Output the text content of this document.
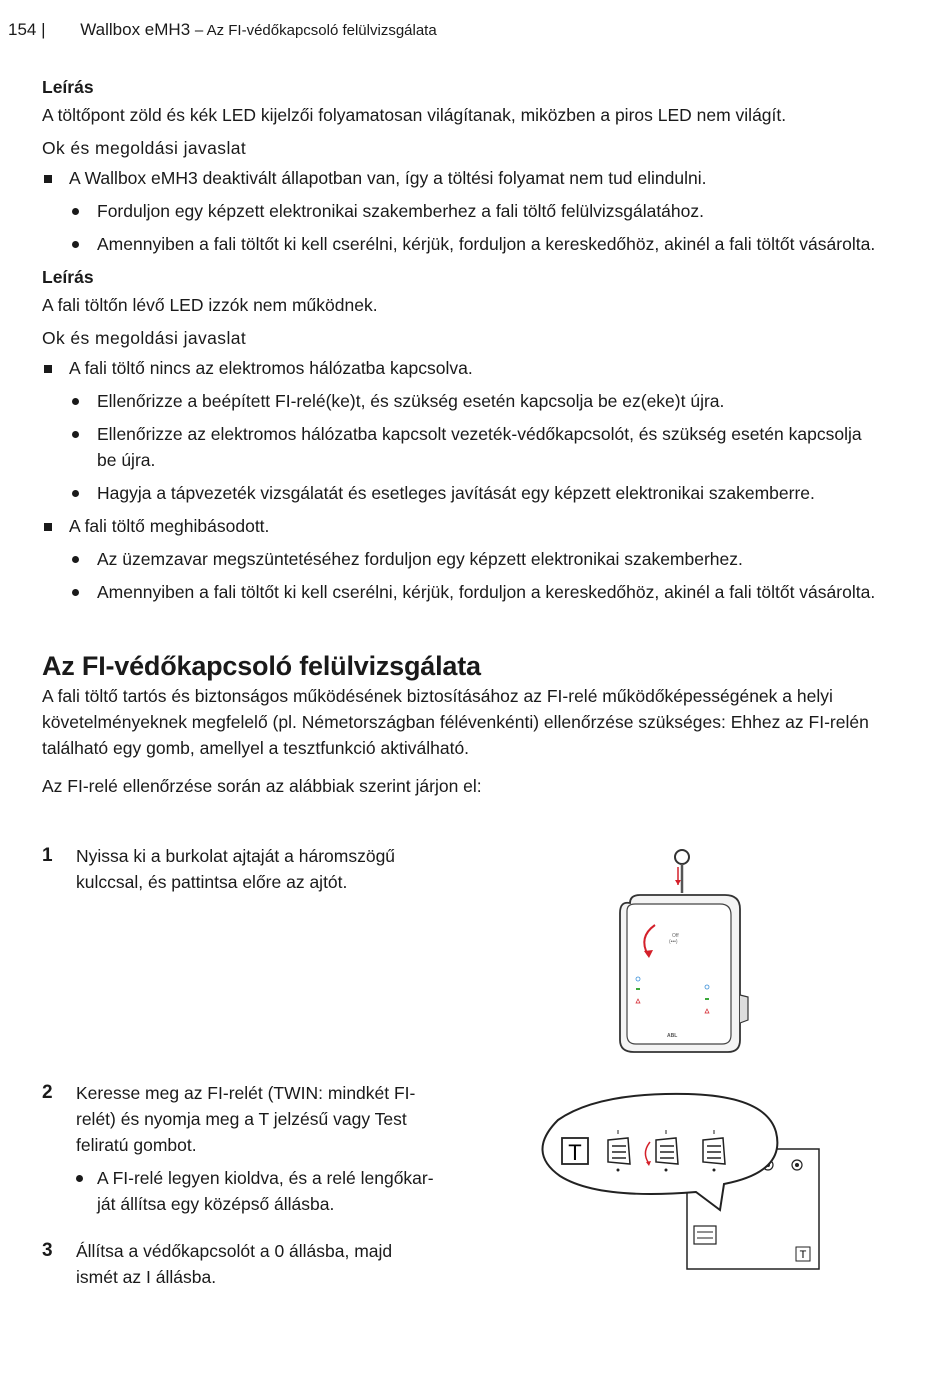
154 | Wallbox eMH3 – Az FI-védőkapcsoló felülvizsgálata
Leírás
A töltőpont zöld és kék LED kijelzői folyamatosan világítanak, miközben a piros LED nem világít.
Ok és megoldási javaslat
A Wallbox eMH3 deaktivált állapotban van, így a töltési folyamat nem tud elindulni.
Forduljon egy képzett elektronikai szakemberhez a fali töltő felülvizsgálatához.
Amennyiben a fali töltőt ki kell cserélni, kérjük, forduljon a kereskedőhöz, akinél a fali töltőt vásárolta.
Leírás
A fali töltőn lévő LED izzók nem működnek.
Ok és megoldási javaslat
A fali töltő nincs az elektromos hálózatba kapcsolva.
Ellenőrizze a beépített FI-relé(ke)t, és szükség esetén kapcsolja be ez(eke)t újra.
Ellenőrizze az elektromos hálózatba kapcsolt vezeték-védőkapcsolót, és szükség esetén kapcsolja be újra.
Hagyja a tápvezeték vizsgálatát és esetleges javítását egy képzett elektronikai szakemberre.
A fali töltő meghibásodott.
Az üzemzavar megszüntetéséhez forduljon egy képzett elektronikai szakemberhez.
Amennyiben a fali töltőt ki kell cserélni, kérjük, forduljon a kereskedőhöz, akinél a fali töltőt vásárolta.
Az FI-védőkapcsoló felülvizsgálata
A fali töltő tartós és biztonságos működésének biztosításához az FI-relé működőképességének a helyi követelményeknek megfelelő (pl. Németországban félévenkénti) ellenőrzése szükséges: Ehhez az FI-relén található egy gomb, amellyel a tesztfunkció aktiválható.
Az FI-relé ellenőrzése során az alábbiak szerint járjon el:
1 Nyissa ki a burkolat ajtaját a háromszögű kulccsal, és pattintsa előre az ajtót.
2 Keresse meg az FI-relét (TWIN: mindkét FI-relét) és nyomja meg a T jelzésű vagy Test feliratú gombot.
A FI-relé legyen kioldva, és a relé lengőkarját állítsa egy középső állásba.
3 Állítsa a védőkapcsolót a 0 állásba, majd ismét az I állásba.
Off
(•••)
ABL
T
T
